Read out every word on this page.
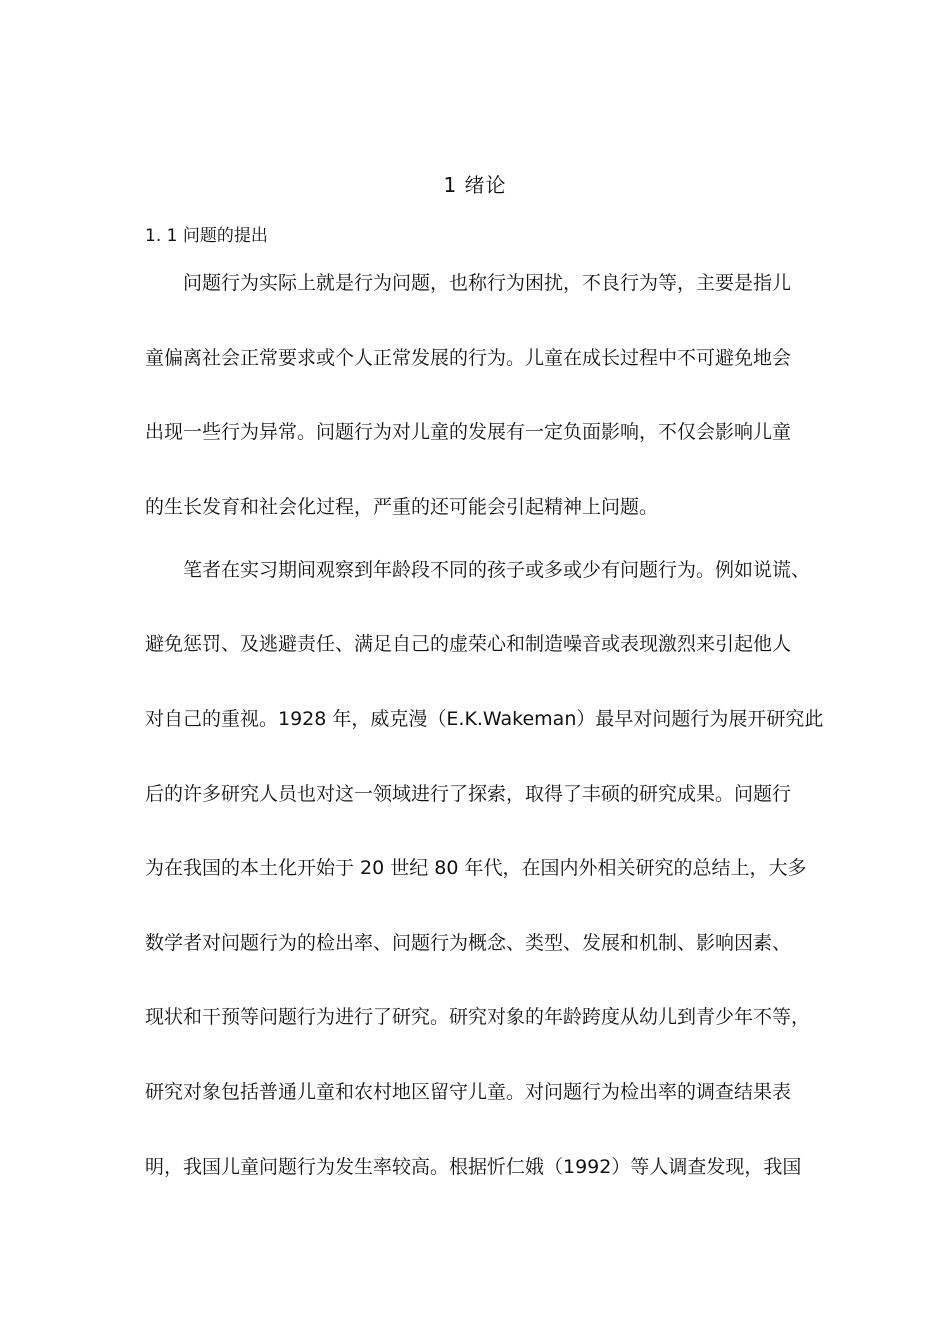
1 绪论
1. 1 问题的提出
问题行为实际上就是行为问题，也称行为困扰，不良行为等，主要是指儿
童偏离社会正常要求或个人正常发展的行为。儿童在成长过程中不可避免地会
出现一些行为异常。问题行为对儿童的发展有一定负面影响，不仅会影响儿童
的生长发育和社会化过程，严重的还可能会引起精神上问题。
笔者在实习期间观察到年龄段不同的孩子或多或少有问题行为。例如说谎、
避免惩罚、及逃避责任、满足自己的虚荣心和制造噪音或表现激烈来引起他人
对自己的重视。1928 年，威克漫（E.K.Wakeman）最早对问题行为展开研究此
后的许多研究人员也对这一领域进行了探索，取得了丰硕的研究成果。问题行
为在我国的本土化开始于 20 世纪 80 年代，在国内外相关研究的总结上，大多
数学者对问题行为的检出率、问题行为概念、类型、发展和机制、影响因素、
现状和干预等问题行为进行了研究。研究对象的年龄跨度从幼儿到青少年不等，
研究对象包括普通儿童和农村地区留守儿童。对问题行为检出率的调查结果表
明，我国儿童问题行为发生率较高。根据忻仁娥（1992）等人调查发现，我国
